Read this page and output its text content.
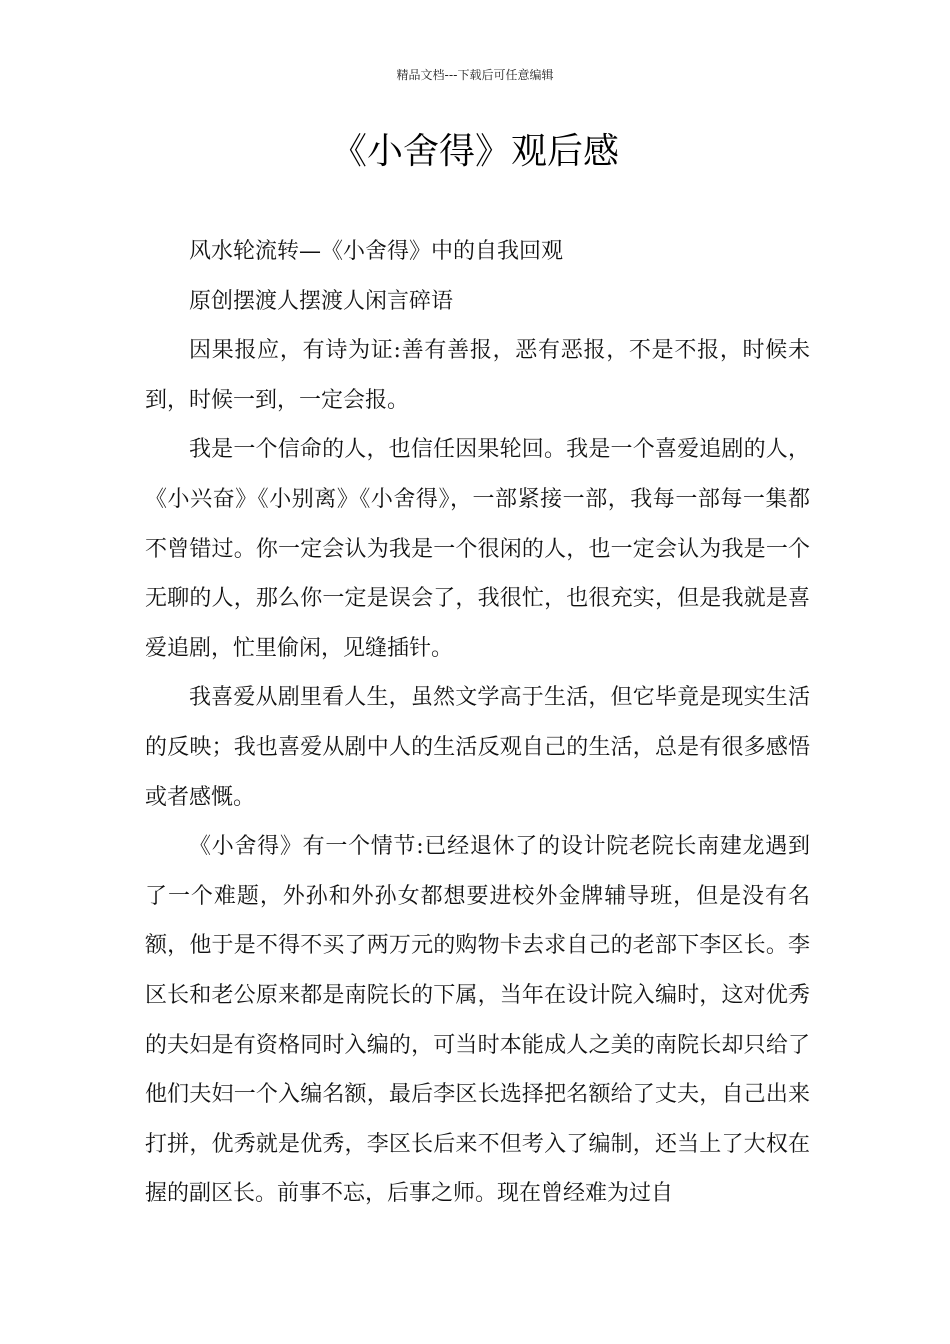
精品文档---下载后可任意编辑
《小舍得》观后感

风水轮流转—《小舍得》中的自我回观

原创摆渡人摆渡人闲言碎语

因果报应，有诗为证:善有善报，恶有恶报，不是不报，时候未到，时候一到，一定会报。

我是一个信命的人，也信任因果轮回。我是一个喜爱追剧的人，《小兴奋》《小别离》《小舍得》，一部紧接一部，我每一部每一集都不曾错过。你一定会认为我是一个很闲的人，也一定会认为我是一个无聊的人，那么你一定是误会了，我很忙，也很充实，但是我就是喜爱追剧，忙里偷闲，见缝插针。

我喜爱从剧里看人生，虽然文学高于生活，但它毕竟是现实生活的反映；我也喜爱从剧中人的生活反观自己的生活，总是有很多感悟或者感慨。

《小舍得》有一个情节:已经退休了的设计院老院长南建龙遇到了一个难题，外孙和外孙女都想要进校外金牌辅导班，但是没有名额，他于是不得不买了两万元的购物卡去求自己的老部下李区长。李区长和老公原来都是南院长的下属，当年在设计院入编时，这对优秀的夫妇是有资格同时入编的，可当时本能成人之美的南院长却只给了他们夫妇一个入编名额，最后李区长选择把名额给了丈夫，自己出来打拼，优秀就是优秀，李区长后来不但考入了编制，还当上了大权在握的副区长。前事不忘，后事之师。现在曾经难为过自
